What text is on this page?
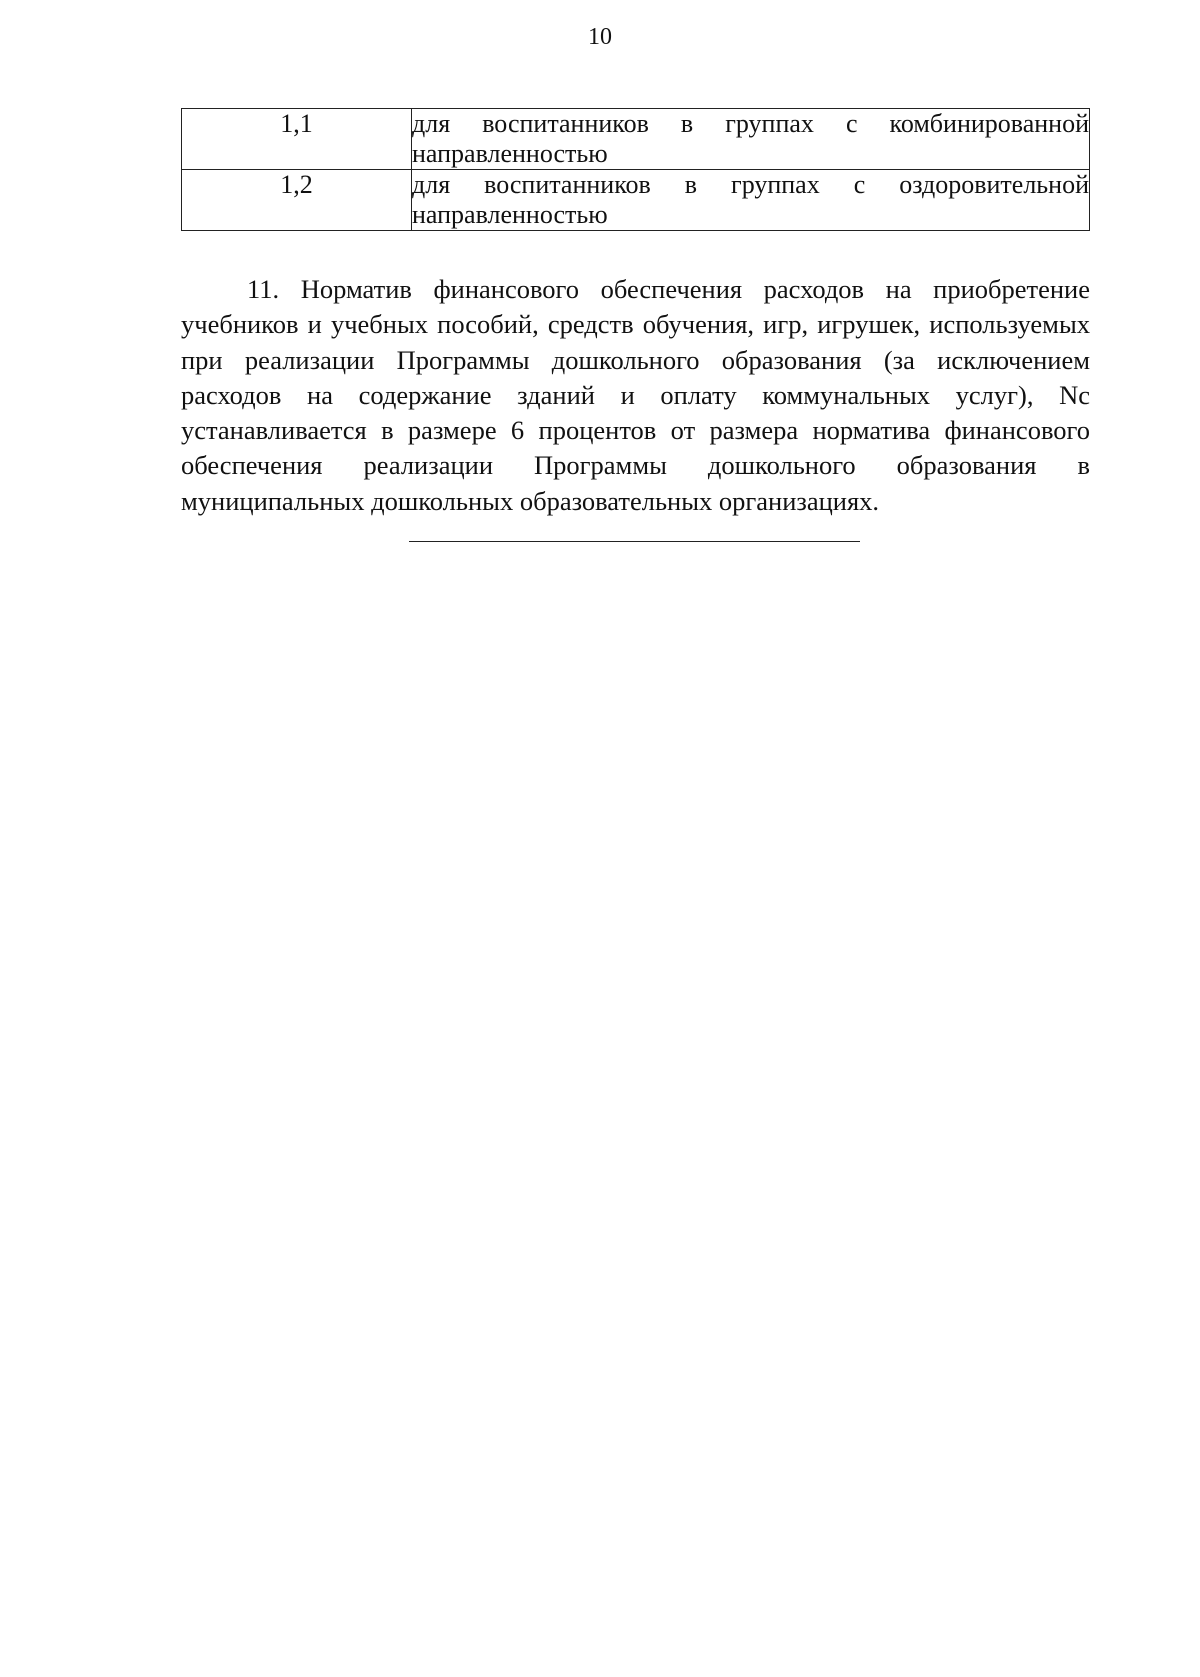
10
1,1	для воспитанников в группах с комбинированной направленностью
1,2	для воспитанников в группах с оздоровительной направленностью

11. Норматив финансового обеспечения расходов на приобретение учебников и учебных пособий, средств обучения, игр, игрушек, используемых при реализации Программы дошкольного образования (за исключением расходов на содержание зданий и оплату коммунальных услуг), Nc устанавливается в размере 6 процентов от размера норматива финансового обеспечения реализации Программы дошкольного образования в муниципальных дошкольных образовательных организациях.
